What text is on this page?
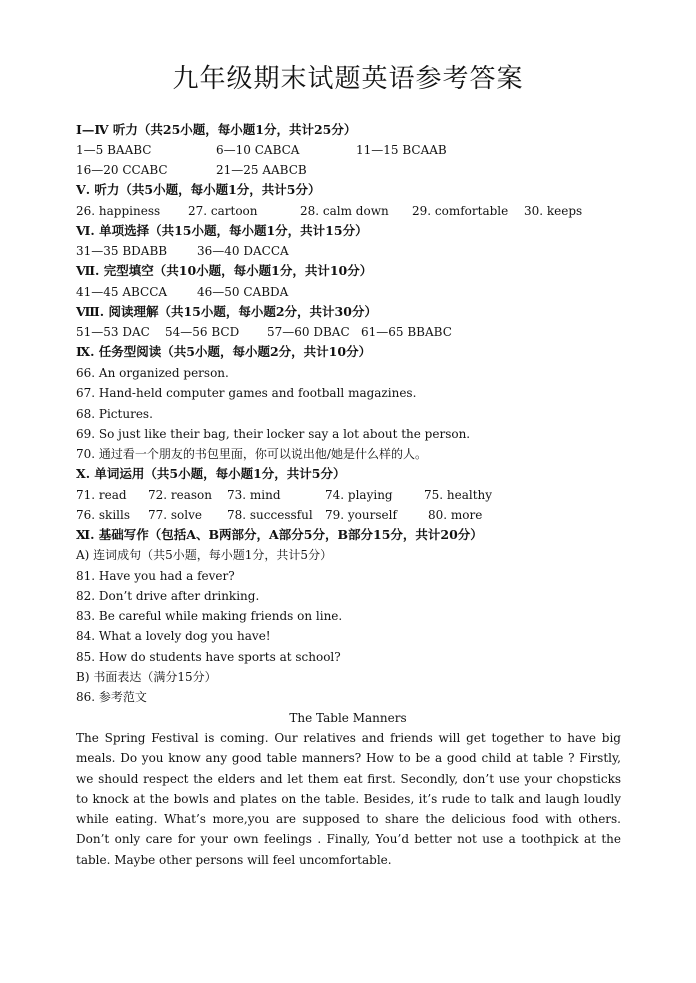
九年级期末试题英语参考答案
Ⅰ—Ⅳ 听力（共25小题，每小题1分，共计25分）
1—5 BAABC	6—10 CABCA	11—15 BCAAB
16—20 CCABC	21—25 AABCB
Ⅴ. 听力（共5小题，每小题1分，共计5分）
26. happiness 27. cartoon	28. calm down 29. comfortable 30. keeps
Ⅵ. 单项选择（共15小题，每小题1分，共计15分）
31—35 BDABB 36—40 DACCA
Ⅶ. 完型填空（共10小题，每小题1分，共计10分）
41—45 ABCCA 46—50 CABDA
Ⅷ. 阅读理解（共15小题，每小题2分，共计30分）
51—53 DAC 54—56 BCD 57—60 DBAC 61—65 BBABC
Ⅸ. 任务型阅读（共5小题，每小题2分，共计10分）
66. An organized person.
67. Hand-held computer games and football magazines.
68. Pictures.
69. So just like their bag, their locker say a lot about the person.
70. 通过看一个朋友的书包里面，你可以说出他/她是什么样的人。
Ⅹ. 单词运用（共5小题，每小题1分，共计5分）
71. read 72. reason 73. mind	74. playing	75. healthy
76. skills 77. solve 78. successful 79. yourself	80. more
Ⅺ. 基础写作（包括A、B两部分，A部分5分，B部分15分，共计20分）
A) 连词成句（共5小题，每小题1分，共计5分）
81. Have you had a fever?
82. Don’t drive after drinking.
83. Be careful while making friends on line.
84. What a lovely dog you have!
85. How do students have sports at school?
B) 书面表达（满分15分）
86. 参考范文
The Table Manners
The Spring Festival is coming. Our relatives and friends will get together to have big meals. Do you know any good table manners? How to be a good child at table ? Firstly, we should respect the elders and let them eat first. Secondly, don’t use your chopsticks to knock at the bowls and plates on the table. Besides, it’s rude to talk and laugh loudly while eating. What’s more,you are supposed to share the delicious food with others. Don’t only care for your own feelings . Finally, You’d better not use a toothpick at the table. Maybe other persons will feel uncomfortable.
